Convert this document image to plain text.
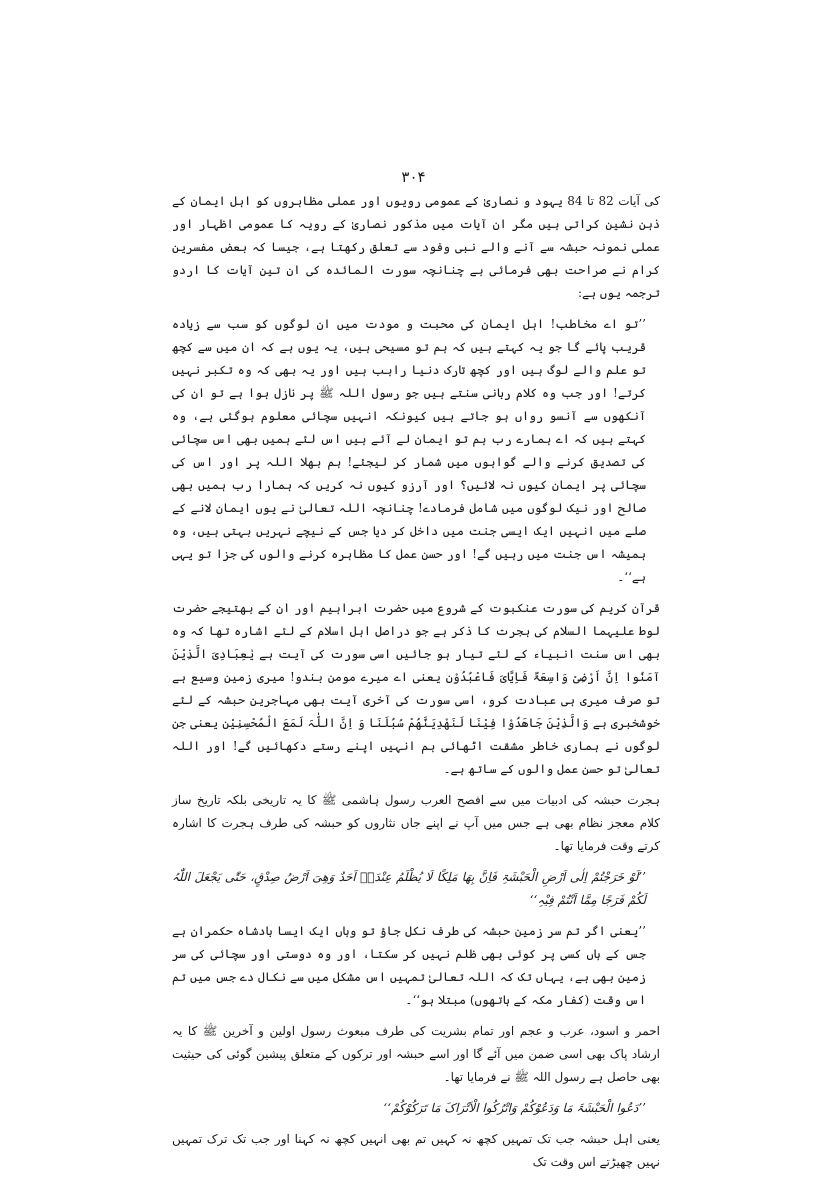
۳۰۴

کی آیات 82 تا 84 یہود و نصاریٰ کے عمومی رویوں اور عملی مظاہروں کو اہل ایمان کے ذہن نشین کراتی ہیں مگر ان آیات میں مذکور نصاریٰ کے رویہ کا عمومی اظہار اور عملی نمونہ حبشہ سے آنے والے نبی وفود سے تعلق رکھتا ہے، جیسا کہ بعض مفسرین کرام نے صراحت بھی فرمائی ہے چنانچہ سورت المائدہ کی ان تین آیات کا اردو ترجمہ یوں ہے:

’’تو اے مخاطب! اہل ایمان کی محبت و مودت میں ان لوگوں کو سب سے زیادہ قریب پائے گا جو یہ کہتے ہیں کہ ہم تو مسیحی ہیں، یہ یوں ہے کہ ان میں سے کچھ تو علم والے لوگ ہیں اور کچھ تارک دنیا راہب ہیں اور یہ بھی کہ وہ تکبر نہیں کرتے! اور جب وہ کلام ربانی سنتے ہیں جو رسول اللہ ﷺ پر نازل ہوا ہے تو ان کی آنکھوں سے آنسو رواں ہو جاتے ہیں کیونکہ انہیں سچائی معلوم ہوگئی ہے، وہ کہتے ہیں کہ اے ہمارے رب ہم تو ایمان لے آئے ہیں اس لئے ہمیں بھی اس سچائی کی تصدیق کرنے والے گواہوں میں شمار کر لیجئے! ہم بھلا اللہ پر اور اس کی سچائی پر ایمان کیوں نہ لائیں؟ اور آرزو کیوں نہ کریں کہ ہمارا رب ہمیں بھی صالح اور نیک لوگوں میں شامل فرمادے! چنانچہ اللہ تعالیٰ نے یوں ایمان لانے کے صلے میں انہیں ایک ایسی جنت میں داخل کر دیا جس کے نیچے نہریں بہتی ہیں، وہ ہمیشہ اس جنت میں رہیں گے! اور حسن عمل کا مظاہرہ کرنے والوں کی جزا تو یہی ہے‘‘۔

قرآن کریم کی سورت عنکبوت کے شروع میں حضرت ابراہیم اور ان کے بھتیجے حضرت لوط علیہما السلام کی ہجرت کا ذکر ہے جو دراصل اہل اسلام کے لئے اشارہ تھا کہ وہ بھی اس سنت انبیاء کے لئے تیار ہو جائیں اسی سورت کی آیت ہے یٰعِبَادِیَ الَّذِیْنَ آمَنُوا اِنَّ اَرْضِیْ وَاسِعَۃٌ فَاِیَّایَ فَاعْبُدُوْن یعنی اے میرے مومن بندو! میری زمین وسیع ہے تو صرف میری ہی عبادت کرو، اسی سورت کی آخری آیت بھی مہاجرین حبشہ کے لئے خوشخبری ہے وَالَّذِیْنَ جَاھَدُوْا فِیْنَا لَنَھْدِیَنَّھُمْ سُبُلَنَا وَ اِنَّ اللّٰہَ لَمَعَ الْمُحْسِنِیْن یعنی جن لوگوں نے ہماری خاطر مشقت اٹھائی ہم انہیں اپنے رستے دکھائیں گے! اور اللہ تعالیٰ تو حسن عمل والوں کے ساتھ ہے۔

ہجرت حبشہ کی ادبیات میں سے افصح العرب رسول ہاشمی ﷺ کا یہ تاریخی بلکہ تاریخ ساز کلام معجز نظام بھی ہے جس میں آپ نے اپنے جاں نثاروں کو حبشہ کی طرف ہجرت کا اشارہ کرتے وقت فرمایا تھا۔

’’لَوْ خَرَجْتُمْ اِلٰی اَرْضِ الْحَبْشَۃِ فَاِنَّ بِھَا مَلِکًا لَا یُظْلَمُ عِنْدَہٗ اَحَدٌ وَھِیَ اَرْضُ صِدْقٍ، حَتّٰی یَجْعَلَ اللّٰہُ لَکُمْ فَرَجًا مِمَّا اَنْتُمْ فِیْہِ‘‘

’’یعنی اگر تم سر زمین حبشہ کی طرف نکل جاؤ تو وہاں ایک ایسا بادشاہ حکمران ہے جس کے ہاں کسی پر کوئی بھی ظلم نہیں کر سکتا، اور وہ دوستی اور سچائی کی سر زمین بھی ہے، یہاں تک کہ اللہ تعالیٰ تمہیں اس مشکل میں سے نکال دے جس میں تم اس وقت (کفار مکہ کے ہاتھوں) مبتلا ہو‘‘۔

احمر و اسود، عرب و عجم اور تمام بشریت کی طرف مبعوث رسول اولین و آخرین ﷺ کا یہ ارشاد پاک بھی اسی ضمن میں آئے گا اور اسے حبشہ اور ترکوں کے متعلق پیشین گوئی کی حیثیت بھی حاصل ہے رسول اللہ ﷺ نے فرمایا تھا۔

’’دَعُوا الْحَبْشَۃَ مَا وَدَعُوْکُمْ وَاتْرُکُوا الْاَتْرَاکَ مَا تَرَکُوْکُمْ‘‘

یعنی اہل حبشہ جب تک تمہیں کچھ نہ کہیں تم بھی انہیں کچھ نہ کہنا اور جب تک ترک تمہیں نہیں چھیڑتے اس وقت تک
